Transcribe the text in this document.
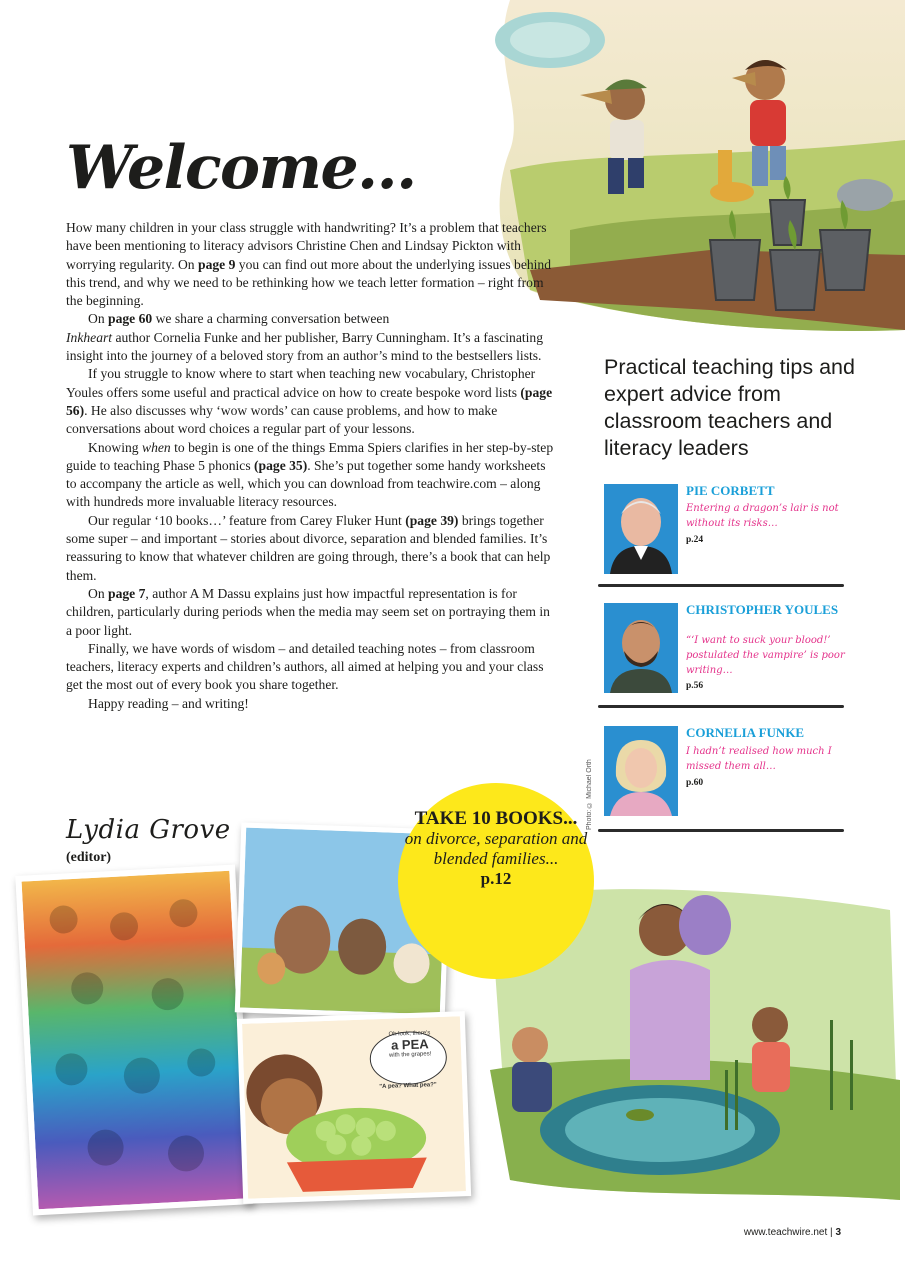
Welcome…

How many children in your class struggle with handwriting? It’s a problem that teachers have been mentioning to literacy advisors Christine Chen and Lindsay Pickton with worrying regularity. On page 9 you can find out more about the underlying issues behind this trend, and why we need to be rethinking how we teach letter formation – right from the beginning.

On page 60 we share a charming conversation between
Inkheart author Cornelia Funke and her publisher, Barry Cunningham. It’s a fascinating insight into the journey of a beloved story from an author’s mind to the bestsellers lists.

If you struggle to know where to start when teaching new vocabulary, Christopher Youles offers some useful and practical advice on how to create bespoke word lists (page 56). He also discusses why ‘wow words’ can cause problems, and how to make conversations about word choices a regular part of your lessons.

Knowing when to begin is one of the things Emma Spiers clarifies in her step-by-step guide to teaching Phase 5 phonics (page 35). She’s put together some handy worksheets to accompany the article as well, which you can download from teachwire.com – along with hundreds more invaluable literacy resources.

Our regular ‘10 books…’ feature from Carey Fluker Hunt (page 39) brings together some super – and important – stories about divorce, separation and blended families. It’s reassuring to know that whatever children are going through, there’s a book that can help them.

On page 7, author A M Dassu explains just how impactful representation is for children, particularly during periods when the media may seem set on portraying them in a poor light.

Finally, we have words of wisdom – and detailed teaching notes – from classroom teachers, literacy experts and children’s authors, all aimed at helping you and your class get the most out of every book you share together.

Happy reading – and writing!

Lydia Grove
(editor)
Practical teaching tips and expert advice from classroom teachers and literacy leaders
PIE CORBETT
Entering a dragon’s lair is not without its risks…
p.24
CHRISTOPHER YOULES
“‘I want to suck your blood!’ postulated the vampire’ is poor writing…
p.56
CORNELIA FUNKE
I hadn’t realised how much I missed them all…
p.60
Photo: © Michael Orth
Oh look, there's
a PEA
with the grapes!
"A pea? What pea?"
TAKE 10 BOOKS...
on divorce, separation and blended families...
p.12
www.teachwire.net | 3
